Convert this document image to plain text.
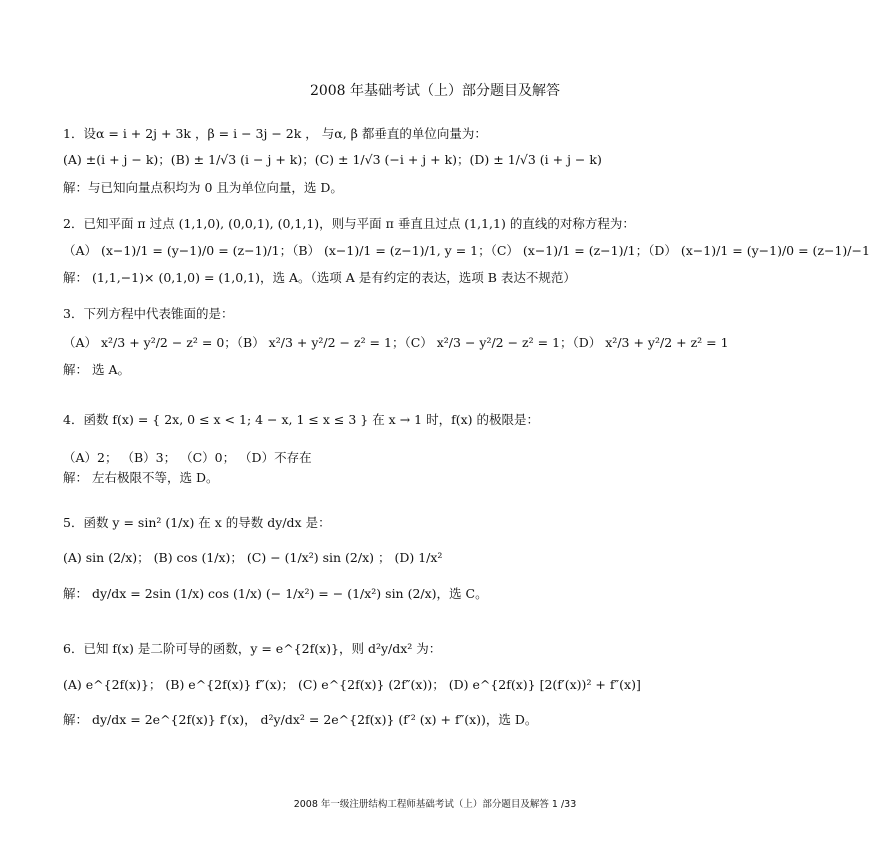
2008 年基础考试（上）部分题目及解答
1．设α = i + 2j + 3k ，β = i − 3j − 2k ， 与α, β 都垂直的单位向量为：
(A) ±(i + j − k)；(B) ± 1/√3 (i − j + k)；(C) ± 1/√3 (−i + j + k)；(D) ± 1/√3 (i + j − k)
解：与已知向量点积均为 0 且为单位向量，选 D。
2．已知平面 π 过点 (1,1,0), (0,0,1), (0,1,1)，则与平面 π 垂直且过点 (1,1,1) 的直线的对称方程为：
（A） (x−1)/1 = (y−1)/0 = (z−1)/1；（B） (x−1)/1 = (z−1)/1, y = 1；（C） (x−1)/1 = (z−1)/1；（D） (x−1)/1 = (y−1)/0 = (z−1)/−1
解： (1,1,−1)× (0,1,0) = (1,0,1)，选 A。（选项 A 是有约定的表达，选项 B 表达不规范）
3．下列方程中代表锥面的是：
（A） x²/3 + y²/2 − z² = 0；（B） x²/3 + y²/2 − z² = 1；（C） x²/3 − y²/2 − z² = 1；（D） x²/3 + y²/2 + z² = 1
解： 选 A。
4．函数 f(x) = { 2x, 0 ≤ x < 1; 4 − x, 1 ≤ x ≤ 3 } 在 x → 1 时，f(x) 的极限是：
（A）2； （B）3； （C）0； （D）不存在
解： 左右极限不等，选 D。
5．函数 y = sin² (1/x) 在 x 的导数 dy/dx 是：
(A) sin (2/x)； (B) cos (1/x)； (C) − (1/x²) sin (2/x) ； (D) 1/x²
解： dy/dx = 2sin (1/x) cos (1/x) (− 1/x²) = − (1/x²) sin (2/x)，选 C。
6．已知 f(x) 是二阶可导的函数，y = e^{2f(x)}，则 d²y/dx² 为：
(A) e^{2f(x)}； (B) e^{2f(x)} f″(x)； (C) e^{2f(x)} (2f″(x))； (D) e^{2f(x)} [2(f′(x))² + f″(x)]
解： dy/dx = 2e^{2f(x)} f′(x)， d²y/dx² = 2e^{2f(x)} (f′² (x) + f″(x))，选 D。
2008 年一级注册结构工程师基础考试（上）部分题目及解答 1 /33
